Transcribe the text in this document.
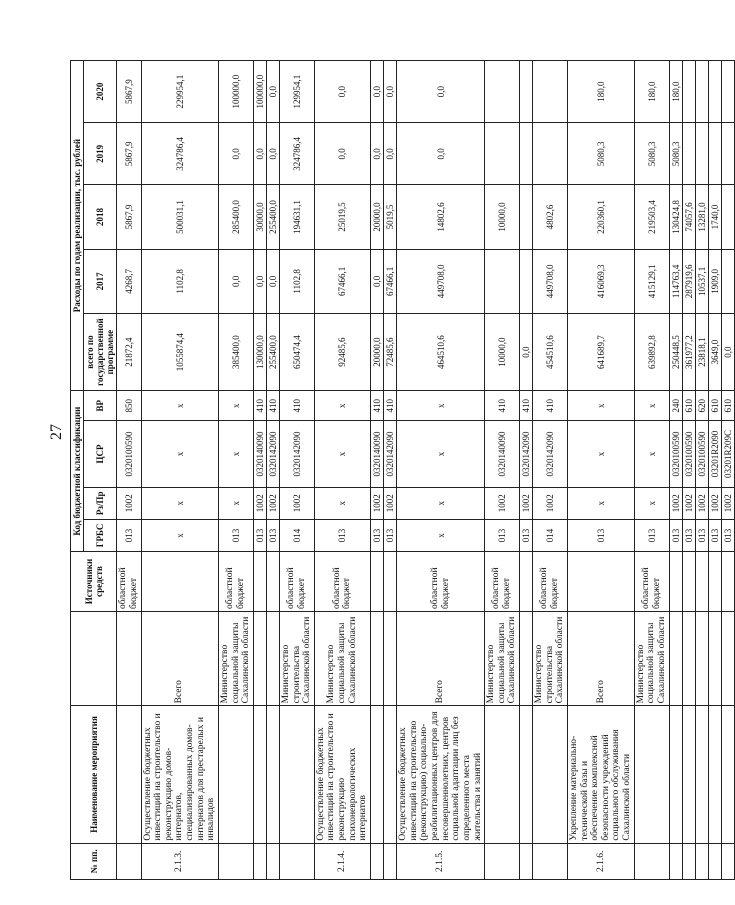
27
№ пп.	Наименование мероприятия		Источники средств	Код бюджетной классификации				Расходы по годам реализации, тыс. рублей				
				ГРБС	Рз/Пр	ЦСР	ВР	всего по государственной программе	2017	2018	2019	2020
			областной бюджет	013	1002	0320100590	850	21872,4	4268,7	5867,9	5867,9	5867,9
2.1.3.	Осуществление бюджетных инвестиций на строительство и реконструкцию домов-интернатов, специализированных домов-интернатов для престарелых и инвалидов	Всего		х	х	х	х	1055874,4	1102,8	500031,1	324786,4	229954,1
		Министерство социальной защиты Сахалинской области	областной бюджет	013	х	х	х	385400,0	0,0	285400,0	0,0	100000,0
				013	1002	0320140090	410	130000,0	0,0	30000,0	0,0	100000,0
				013	1002	0320142090	410	255400,0	0,0	255400,0	0,0	0,0
		Министерство строительства Сахалинской области	областной бюджет	014	1002	0320142090	410	650474,4	1102,8	194631,1	324786,4	129954,1
2.1.4.	Осуществление бюджетных инвестиций на строительство и реконструкцию психоневрологических интернатов	Министерство социальной защиты Сахалинской области	областной бюджет	013	х	х	х	92485,6	67466,1	25019,5	0,0	0,0
				013	1002	0320140090	410	20000,0	0,0	20000,0	0,0	0,0
				013	1002	0320142090	410	72485,6	67466,1	5019,5	0,0	0,0
2.1.5.	Осуществление бюджетных инвестиций на строительство (реконструкцию) социально-реабилитационных центров для несовершеннолетних, центров социальной адаптации лиц без определенного места жительства и занятий	Всего	областной бюджет	х	х	х	х	464510,6	449708,0	14802,6	0,0	0,0
		Министерство социальной защиты Сахалинской области	областной бюджет	013	1002	0320140090	410	10000,0		10000,0		
				013	1002	0320142090	410	0,0				
		Министерство строительства Сахалинской области	областной бюджет	014	1002	0320142090	410	454510,6	449708,0	4802,6		
2.1.6.	Укрепление материально-технической базы и обеспечение комплексной безопасности учреждений социального обслуживания Сахалинской области	Всего		013	х	х	х	641689,7	416069,3	220360,1	5080,3	180,0
		Министерство социальной защиты Сахалинской области	областной бюджет	013	х	х	х	639892,8	415129,1	219503,4	5080,3	180,0
				013	1002	0320100590	240	250448,5	114763,4	130424,8	5080,3	180,0
				013	1002	0320100590	610	361977,2	287919,6	74057,6		
				013	1002	0320100590	620	23818,1	10537,1	13281,0		
				013	1002	03201R2090	610	3649,0	1909,0	1740,0		
				013	1002	03201R209С	610	0,0				
